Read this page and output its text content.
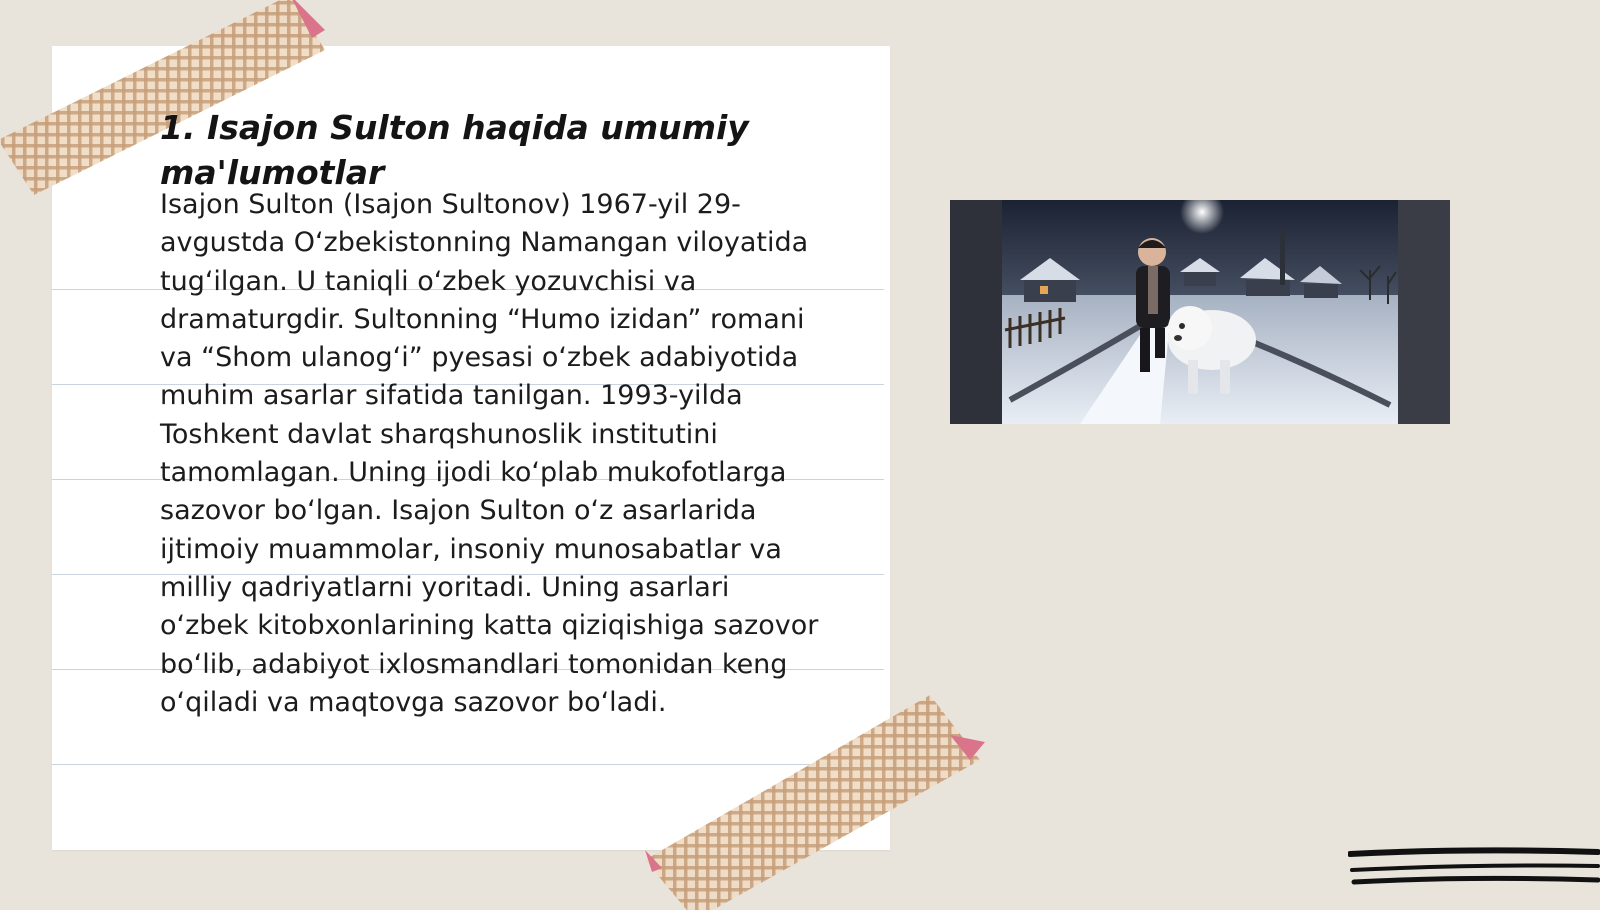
1. Isajon Sulton haqida umumiy ma'lumotlar

Isajon Sulton (Isajon Sultonov) 1967-yil 29-avgustda O‘zbekistonning Namangan viloyatida tug‘ilgan. U taniqli o‘zbek yozuvchisi va dramaturgdir. Sultonning “Humo izidan” romani va “Shom ulanog‘i” pyesasi o‘zbek adabiyotida muhim asarlar sifatida tanilgan. 1993-yilda Toshkent davlat sharqshunoslik institutini tamomlagan. Uning ijodi ko‘plab mukofotlarga sazovor bo‘lgan. Isajon Sulton o‘z asarlarida ijtimoiy muammolar, insoniy munosabatlar va milliy qadriyatlarni yoritadi. Uning asarlari o‘zbek kitobxonlarining katta qiziqishiga sazovor bo‘lib, adabiyot ixlosmandlari tomonidan keng o‘qiladi va maqtovga sazovor bo‘ladi.
